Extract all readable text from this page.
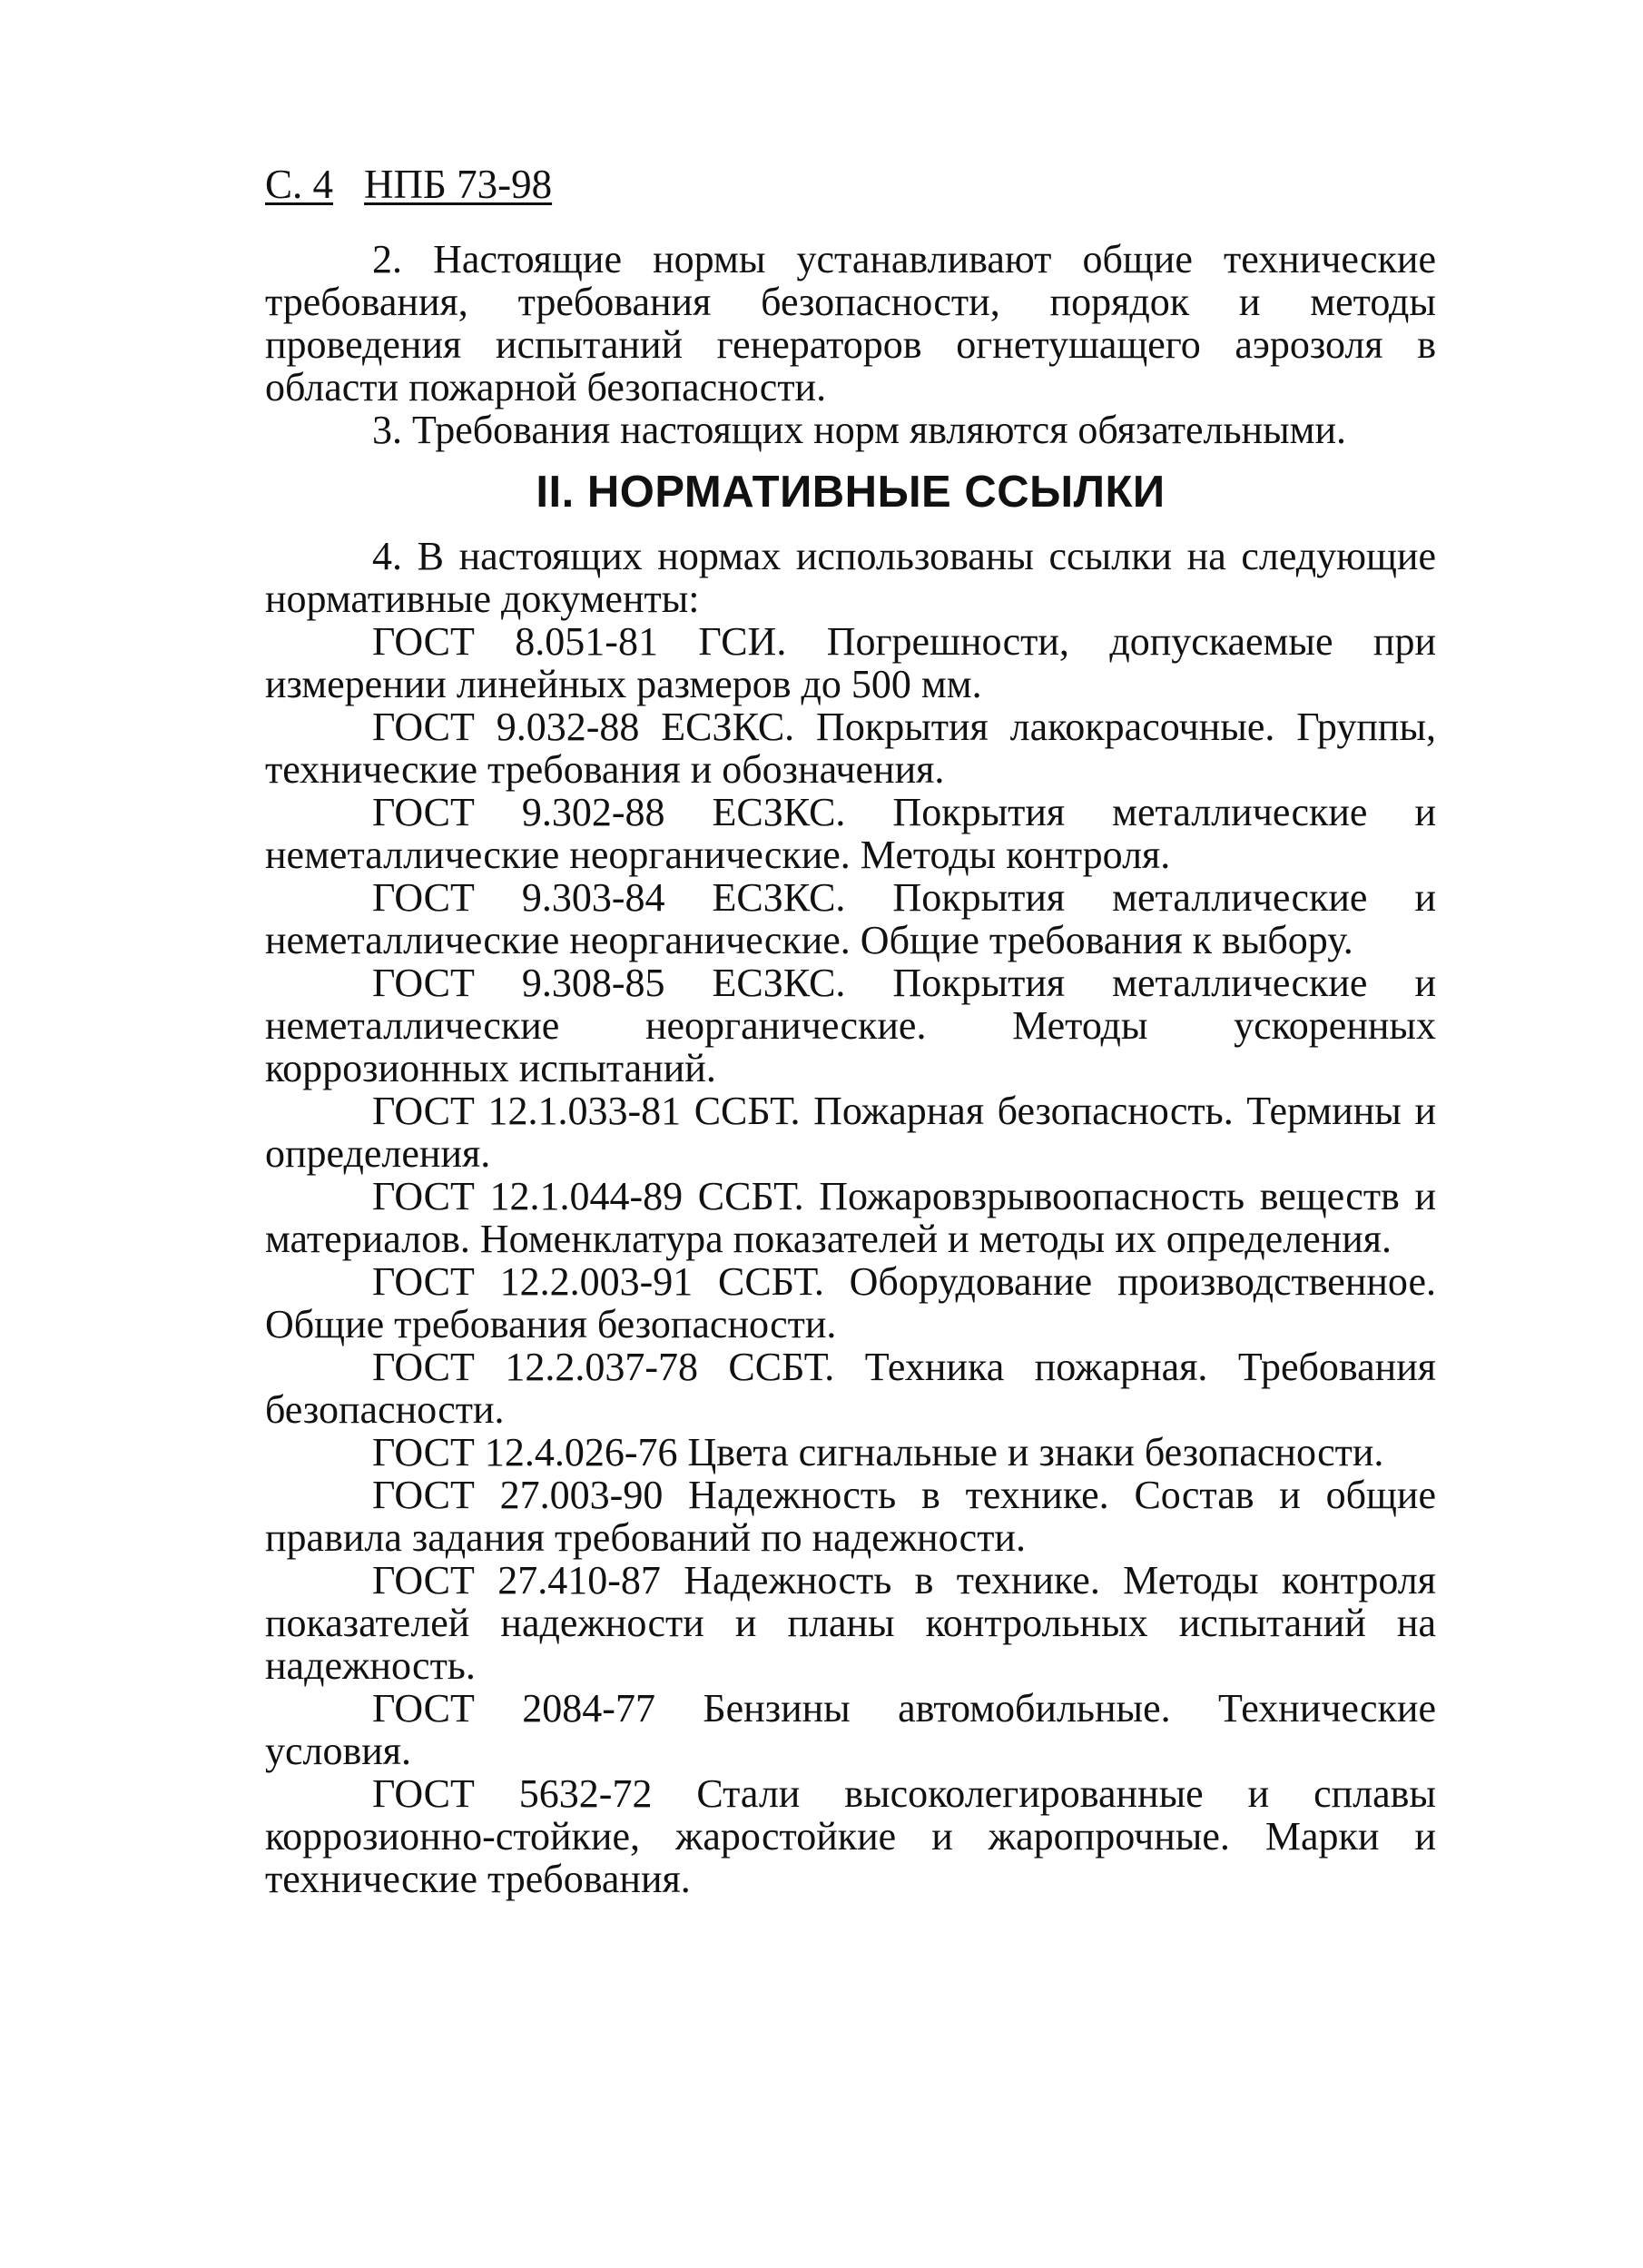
С. 4 НПБ 73-98

2. Настоящие нормы устанавливают общие технические требования, требования безопасности, порядок и методы проведения испытаний генераторов огнетушащего аэрозоля в области пожарной безопасности.

3. Требования настоящих норм являются обязательными.

II. НОРМАТИВНЫЕ ССЫЛКИ

4. В настоящих нормах использованы ссылки на следующие нормативные документы:

ГОСТ 8.051-81 ГСИ. Погрешности, допускаемые при измерении линейных размеров до 500 мм.

ГОСТ 9.032-88 ЕСЗКС. Покрытия лакокрасочные. Группы, технические требования и обозначения.

ГОСТ 9.302-88 ЕСЗКС. Покрытия металлические и неметаллические неорганические. Методы контроля.

ГОСТ 9.303-84 ЕСЗКС. Покрытия металлические и неметаллические неорганические. Общие требования к выбору.

ГОСТ 9.308-85 ЕСЗКС. Покрытия металлические и неметаллические неорганические. Методы ускоренных коррозионных испытаний.

ГОСТ 12.1.033-81 ССБТ. Пожарная безопасность. Термины и определения.

ГОСТ 12.1.044-89 ССБТ. Пожаровзрывоопасность веществ и материалов. Номенклатура показателей и методы их определения.

ГОСТ 12.2.003-91 ССБТ. Оборудование производственное. Общие требования безопасности.

ГОСТ 12.2.037-78 ССБТ. Техника пожарная. Требования безопасности.

ГОСТ 12.4.026-76 Цвета сигнальные и знаки безопасности.

ГОСТ 27.003-90 Надежность в технике. Состав и общие правила задания требований по надежности.

ГОСТ 27.410-87 Надежность в технике. Методы контроля показателей надежности и планы контрольных испытаний на надежность.

ГОСТ 2084-77 Бензины автомобильные. Технические условия.

ГОСТ 5632-72 Стали высоколегированные и сплавы коррозионно-стойкие, жаростойкие и жаропрочные. Марки и технические требования.
